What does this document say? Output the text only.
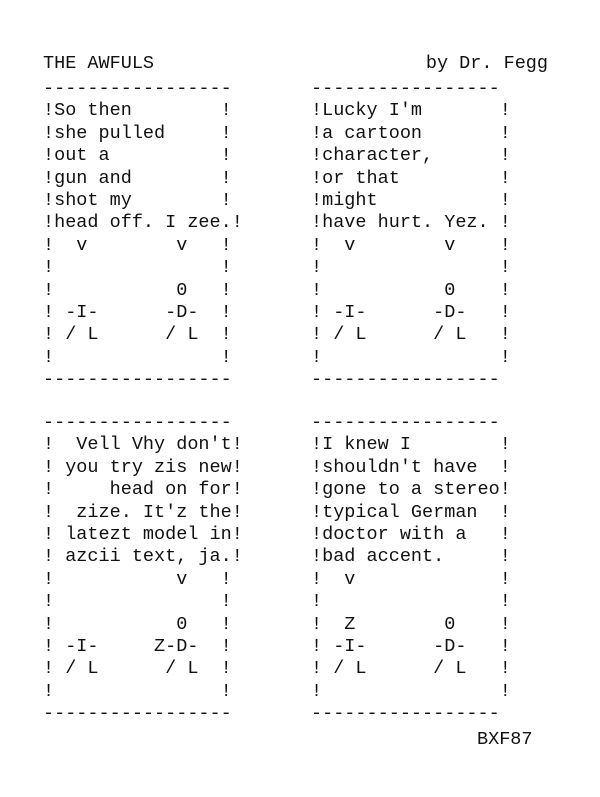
THE AWFULS	by Dr. Fegg
-----------------
!So then        !
!she pulled     !
!out a          !
!gun and        !
!shot my        !
!head off. I zee.!
!  v        v   !
!               !
!           0   !
! -I-      -D-  !
! / L      / L  !
!               !
-----------------
-----------------
!Lucky I'm       !
!a cartoon       !
!character,      !
!or that         !
!might           !
!have hurt. Yez. !
!  v        v    !
!                !
!           0    !
! -I-      -D-   !
! / L      / L   !
!                !
-----------------
-----------------
!  Vell Vhy don't!
! you try zis new!
!     head on for!
!  zize. It'z the!
! latezt model in!
! azcii text, ja.!
!           v   !
!               !
!           0   !
! -I-     Z-D-  !
! / L      / L  !
!               !
-----------------
-----------------
!I knew I        !
!shouldn't have  !
!gone to a stereo!
!typical German  !
!doctor with a   !
!bad accent.     !
!  v             !
!                !
!  Z        0    !
! -I-      -D-   !
! / L      / L   !
!                !
-----------------
BXF87
